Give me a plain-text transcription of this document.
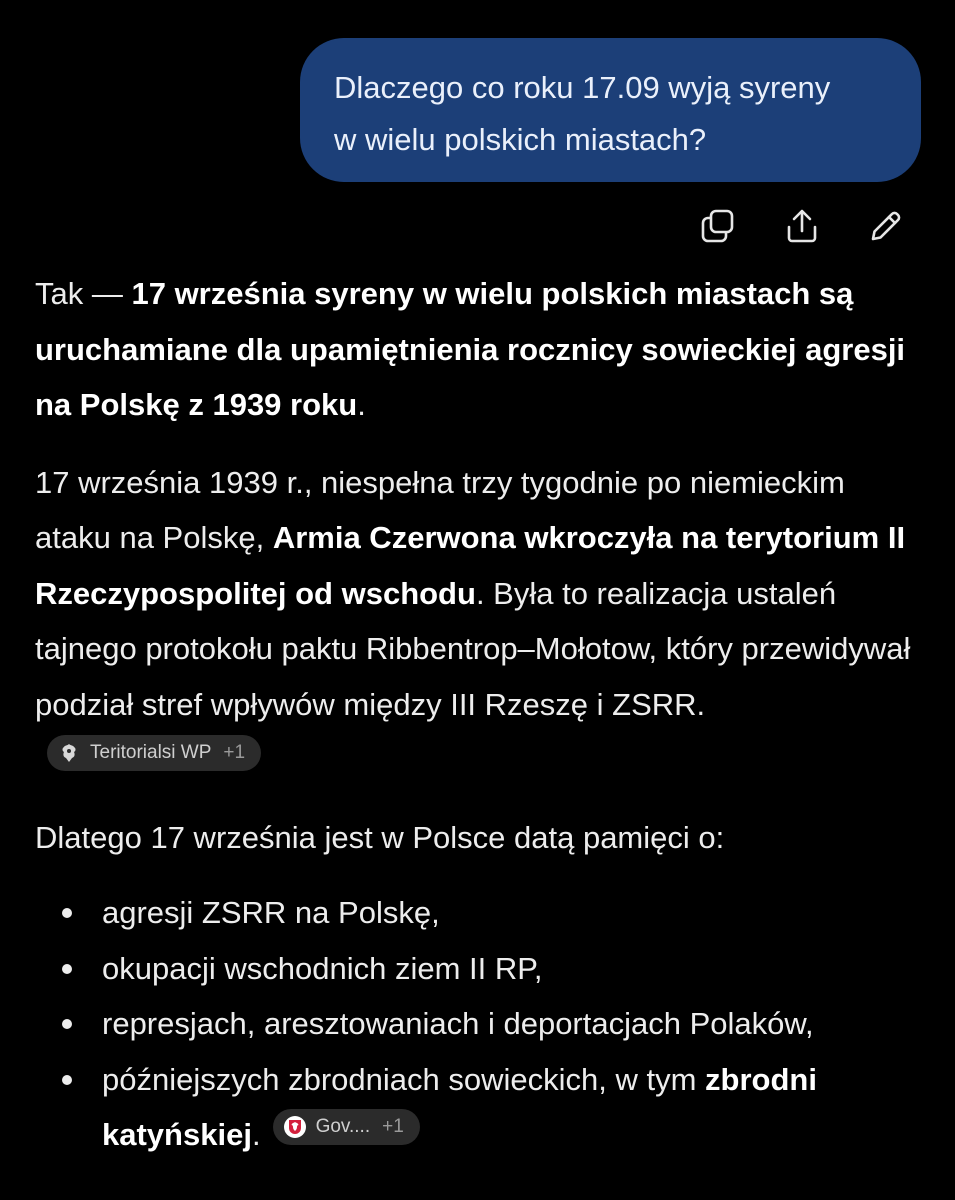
Dlaczego co roku 17.09 wyją syreny
w wielu polskich miastach?

Tak — 17 września syreny w wielu polskich miastach są uruchamiane dla upamiętnienia rocznicy sowieckiej agresji na Polskę z 1939 roku.

17 września 1939 r., niespełna trzy tygodnie po niemieckim ataku na Polskę, Armia Czerwona wkroczyła na terytorium II Rzeczypospolitej od wschodu. Była to realizacja ustaleń tajnego protokołu paktu Ribbentrop–Mołotow, który przewidywał podział stref wpływów między III Rzeszę i ZSRR.
Teritorialsi WP +1

Dlatego 17 września jest w Polsce datą pamięci o:

agresji ZSRR na Polskę,
okupacji wschodnich ziem II RP,
represjach, aresztowaniach i deportacjach Polaków,
późniejszych zbrodniach sowieckich, w tym zbrodni katyńskiej.	Gov.... +1
